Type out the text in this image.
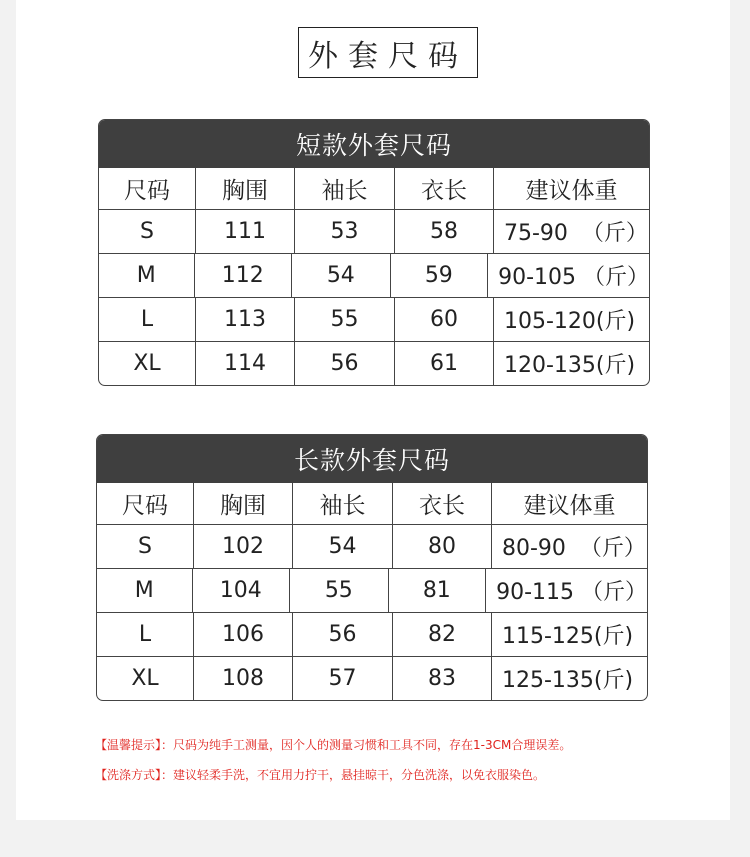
外套尺码
短款外套尺码
尺码	胸围	袖长	衣长	建议体重
S	111	53	58	75-90  （斤）
M	112	54	59	90-105 （斤）
L	113	55	60	105-120(斤)
XL	114	56	61	120-135(斤)
长款外套尺码
尺码	胸围	袖长	衣长	建议体重
S	102	54	80	80-90  （斤）
M	104	55	81	90-115 （斤）
L	106	56	82	115-125(斤)
XL	108	57	83	125-135(斤)
【温馨提示】：尺码为纯手工测量，因个人的测量习惯和工具不同，存在1-3CM合理误差。
【洗涤方式】：建议轻柔手洗，不宜用力拧干，悬挂晾干，分色洗涤，以免衣服染色。
